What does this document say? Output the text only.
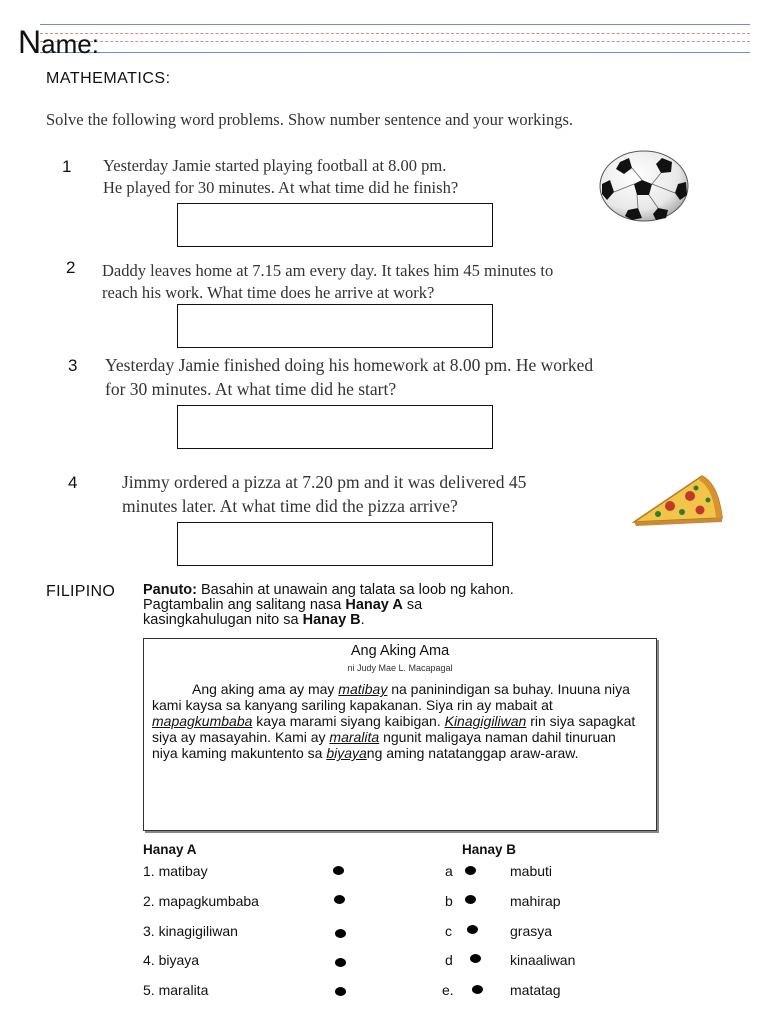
Name:
MATHEMATICS:
Solve the following word problems. Show number sentence and your workings.
1 Yesterday Jamie started playing football at 8.00 pm.
He played for 30 minutes. At what time did he finish?
2 Daddy leaves home at 7.15 am every day. It takes him 45 minutes to
reach his work. What time does he arrive at work?
3 Yesterday Jamie finished doing his homework at 8.00 pm. He worked
for 30 minutes. At what time did he start?
4	Jimmy ordered a pizza at 7.20 pm and it was delivered 45
minutes later. At what time did the pizza arrive?
FILIPINO Panuto: Basahin at unawain ang talata sa loob ng kahon.
Pagtambalin ang salitang nasa Hanay A sa
kasingkahulugan nito sa Hanay B.
Ang Aking Ama
ni Judy Mae L. Macapagal
Ang aking ama ay may matibay na paninindigan sa buhay. Inuuna niya kami kaysa sa kanyang sariling kapakanan. Siya rin ay mabait at mapagkumbaba kaya marami siyang kaibigan. Kinagigiliwan rin siya sapagkat siya ay masayahin. Kami ay maralita ngunit maligaya naman dahil tinuruan niya kaming makuntento sa biyayang aming natatanggap araw-araw.
Hanay A	Hanay B
1. matibay
2. mapagkumbaba
3. kinagigiliwan
4. biyaya
5. maralita
a
b
c
d
e.
mabuti
mahirap
grasya
kinaaliwan
matatag
